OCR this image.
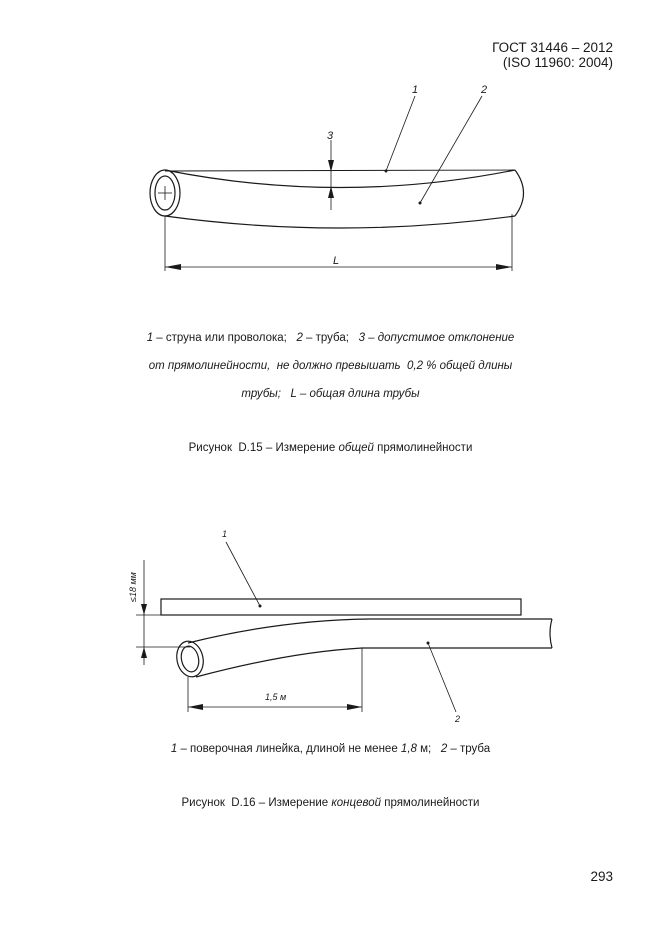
ГОСТ 31446 – 2012
(ISO 11960: 2004)
1	2
3
L

1 – струна или проволока;   2 – труба;   3 – допустимое отклонение

от прямолинейности,  не должно превышать  0,2 % общей длины

трубы;   L – общая длина трубы

Рисунок  D.15 – Измерение общей прямолинейности
1
2
1,5 м
≤18 мм

1 – поверочная линейка, длиной не менее 1,8 м;   2 – труба

Рисунок  D.16 – Измерение концевой прямолинейности
293
